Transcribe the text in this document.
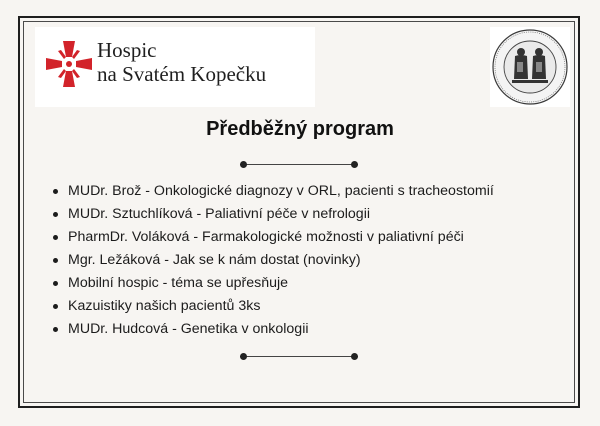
Hospic
na Svatém Kopečku
Předběžný program
MUDr. Brož - Onkologické diagnozy v ORL, pacienti s tracheostomií
MUDr. Sztuchlíková - Paliativní péče v nefrologii
PharmDr. Voláková - Farmakologické možnosti v paliativní péči
Mgr. Ležáková - Jak se k nám dostat (novinky)
Mobilní hospic - téma se upřesňuje
Kazuistiky našich pacientů 3ks
MUDr. Hudcová - Genetika v onkologii
